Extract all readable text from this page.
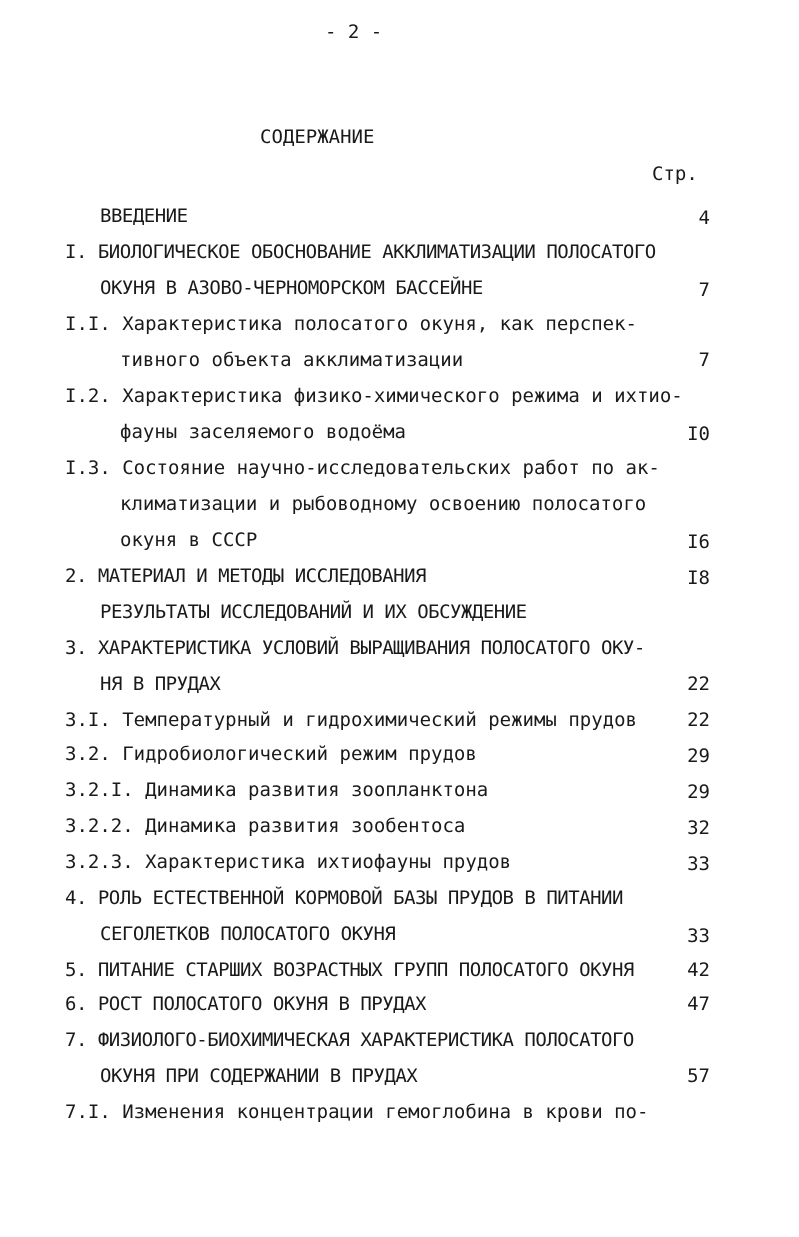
- 2 -
СОДЕРЖАНИЕ
Стр.
ВВЕДЕНИЕ	4
I. БИОЛОГИЧЕСКОЕ ОБОСНОВАНИЕ АККЛИМАТИЗАЦИИ ПОЛОСАТОГО
ОКУНЯ В АЗОВО-ЧЕРНОМОРСКОМ БАССЕЙНЕ	7
I.I. Характеристика полосатого окуня, как перспек-
тивного объекта акклиматизации	7
I.2. Характеристика физико-химического режима и ихтио-
фауны заселяемого водоёма	I0
I.3. Состояние научно-исследовательских работ по ак-
климатизации и рыбоводному освоению полосатого
окуня в СССР	I6
2. МАТЕРИАЛ И МЕТОДЫ ИССЛЕДОВАНИЯ	I8
РЕЗУЛЬТАТЫ ИССЛЕДОВАНИЙ И ИХ ОБСУЖДЕНИЕ
3. ХАРАКТЕРИСТИКА УСЛОВИЙ ВЫРАЩИВАНИЯ ПОЛОСАТОГО ОКУ-
НЯ В ПРУДАХ	22
3.I. Температурный и гидрохимический режимы прудов	22
3.2. Гидробиологический режим прудов	29
3.2.I. Динамика развития зоопланктона	29
3.2.2. Динамика развития зообентоса	32
3.2.3. Характеристика ихтиофауны прудов	33
4. РОЛЬ ЕСТЕСТВЕННОЙ КОРМОВОЙ БАЗЫ ПРУДОВ В ПИТАНИИ
СЕГОЛЕТКОВ ПОЛОСАТОГО ОКУНЯ	33
5. ПИТАНИЕ СТАРШИХ ВОЗРАСТНЫХ ГРУПП ПОЛОСАТОГО ОКУНЯ	42
6. РОСТ ПОЛОСАТОГО ОКУНЯ В ПРУДАХ	47
7. ФИЗИОЛОГО-БИОХИМИЧЕСКАЯ ХАРАКТЕРИСТИКА ПОЛОСАТОГО
ОКУНЯ ПРИ СОДЕРЖАНИИ В ПРУДАХ	57
7.I. Изменения концентрации гемоглобина в крови по-
